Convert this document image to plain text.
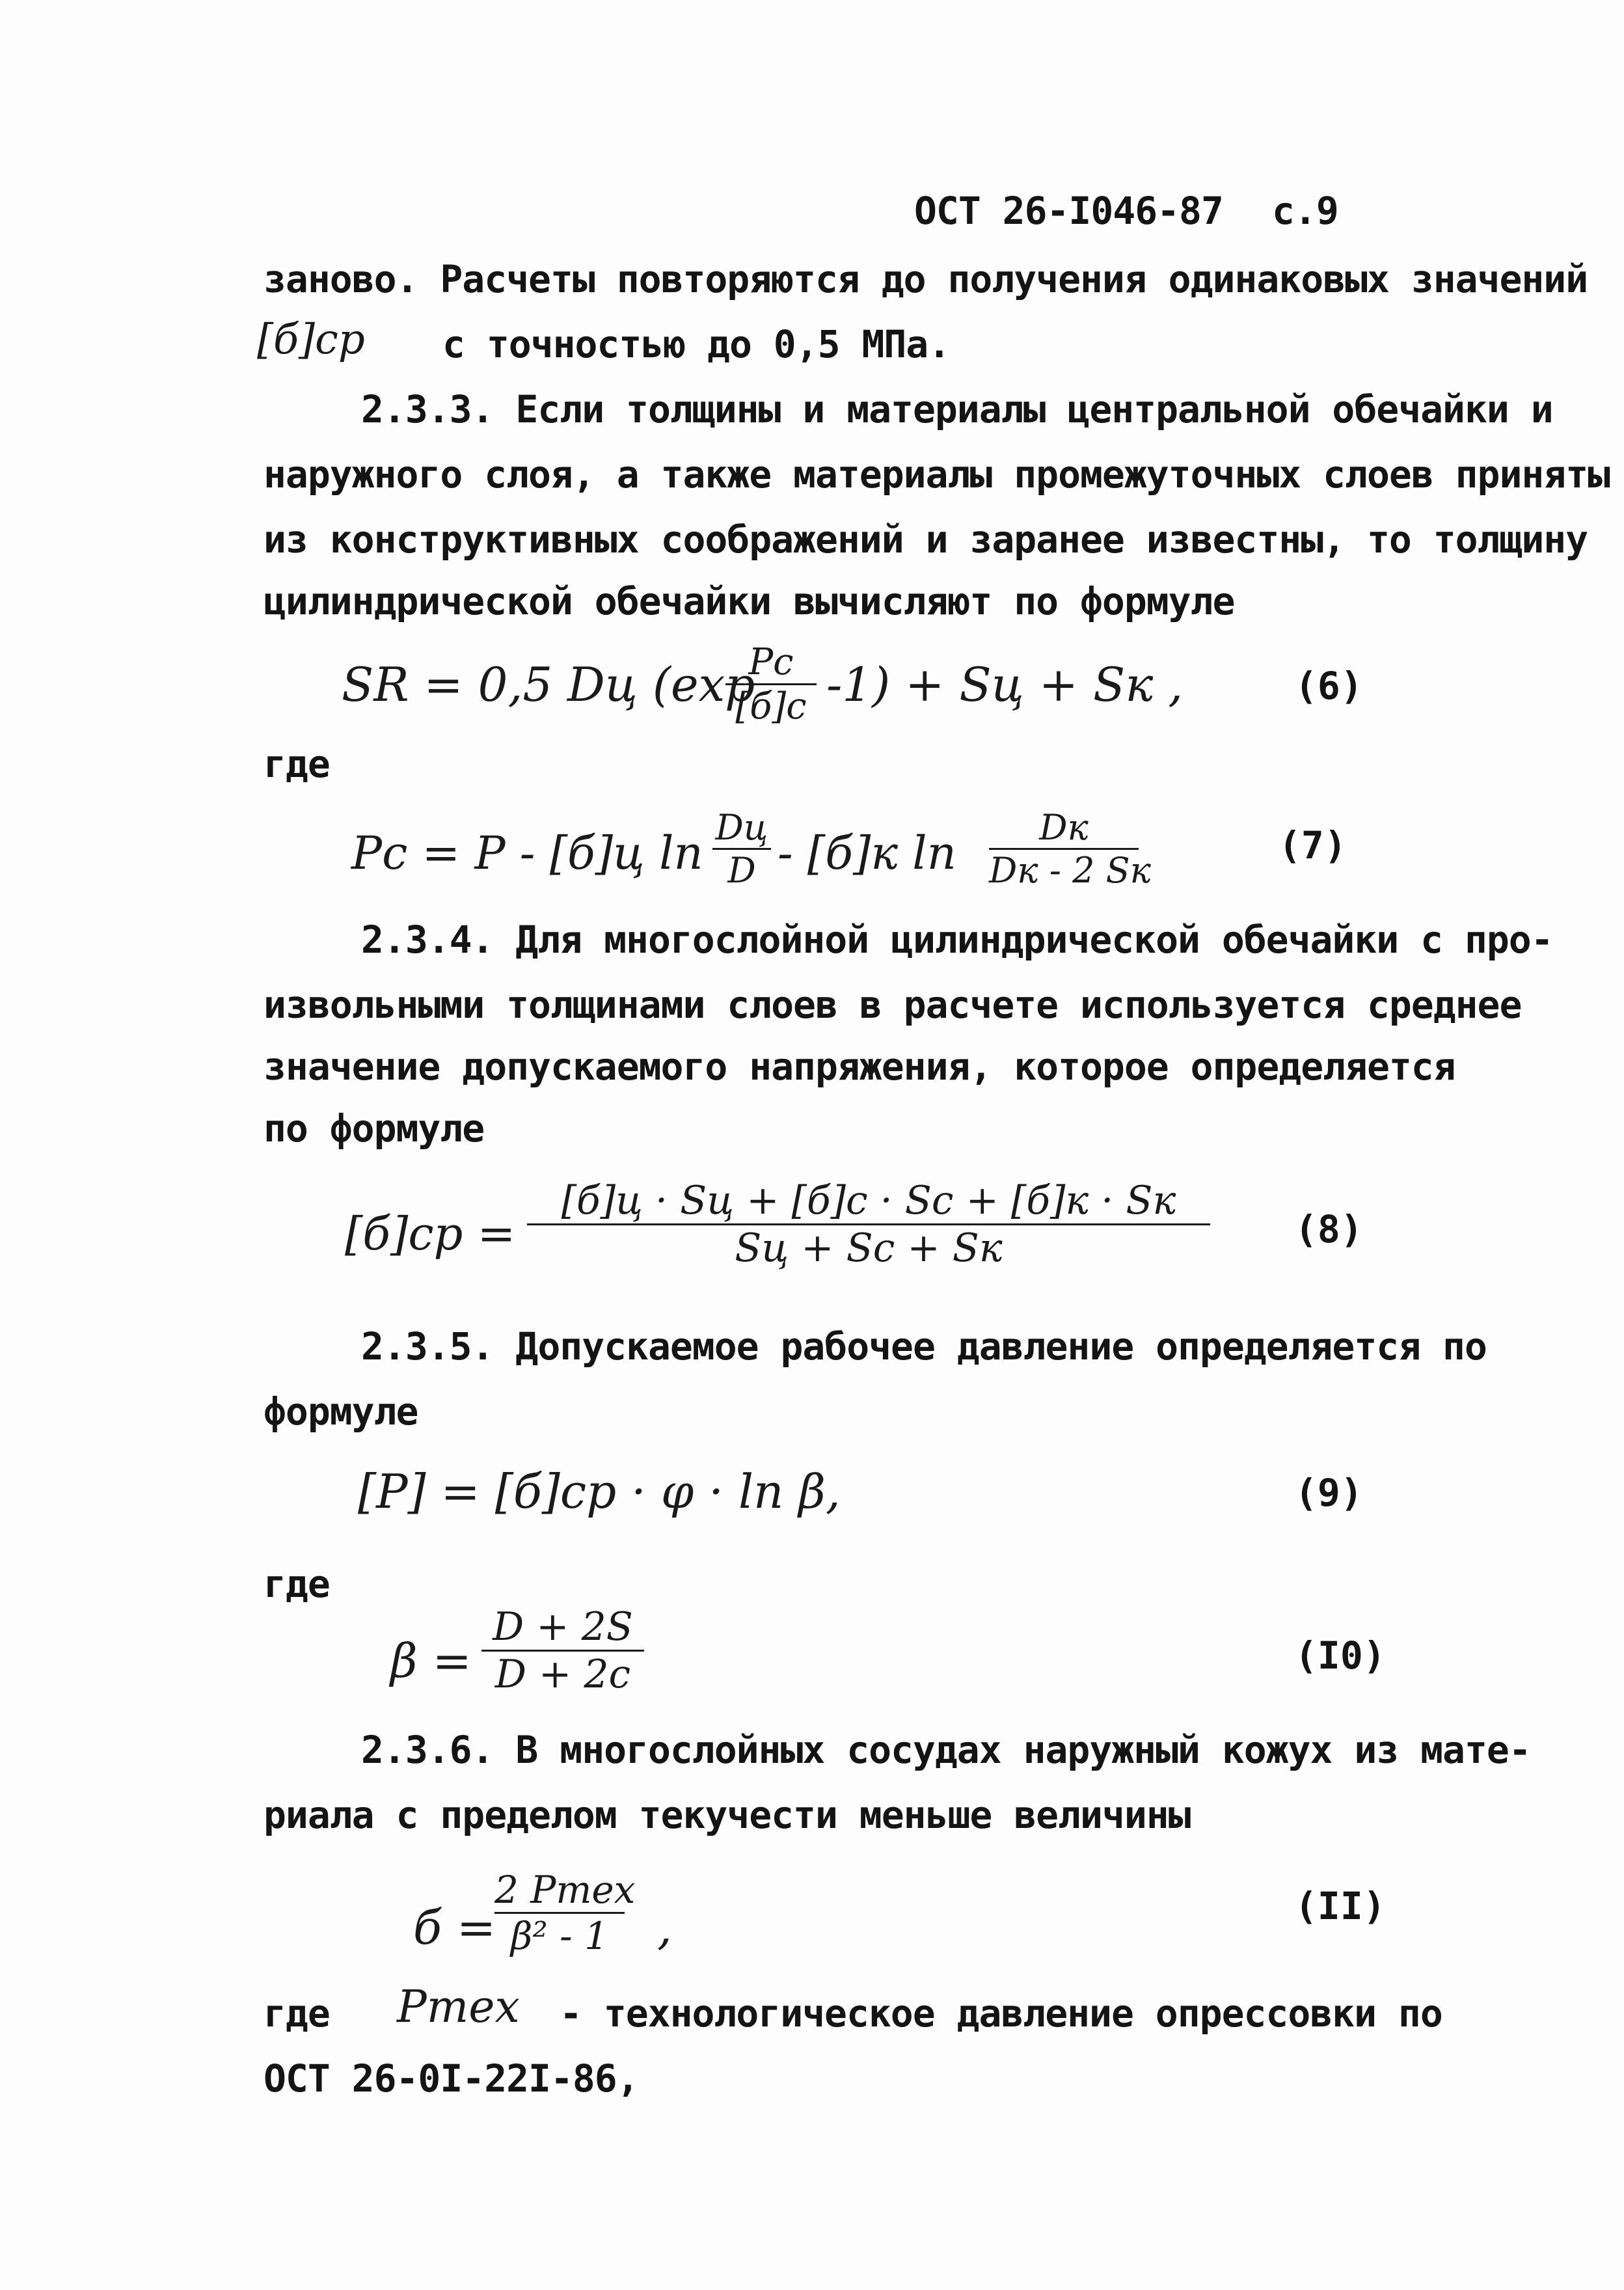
ОСТ 26-I046-87 с.9
заново. Расчеты повторяются до получения одинаковых значений
[б]cp с точностью до 0,5 МПа.
2.3.3. Если толщины и материалы центральной обечайки и
наружного слоя, а также материалы промежуточных слоев приняты
из конструктивных соображений и заранее известны, то толщину
цилиндрической обечайки вычисляют по формуле
SR = 0,5 Dц (exp
Pc
[б]c -1) + Sц + Sк ,	(6)
где
Pc = P - [б]ц ln Dц
D - [б]к ln	Dк
Dк - 2 Sк
(7)
2.3.4. Для многослойной цилиндрической обечайки с про-
извольными толщинами слоев в расчете используется среднее
значение допускаемого напряжения, которое определяется
по формуле
[б]cp =
[б]ц · Sц + [б]c · Sc + [б]к · Sк
Sц + Sc + Sк	(8)
2.3.5. Допускаемое рабочее давление определяется по
формуле
[P] = [б]cp · φ · ln β,	(9)
где
β =
D + 2S
D + 2c	(I0)
2.3.6. В многослойных сосудах наружный кожух из мате-
риала с пределом текучести меньше величины
б =
2 Pтех
β² - 1	,	(II)
где Pтех - технологическое давление опрессовки по
ОСТ 26-0I-22I-86,
